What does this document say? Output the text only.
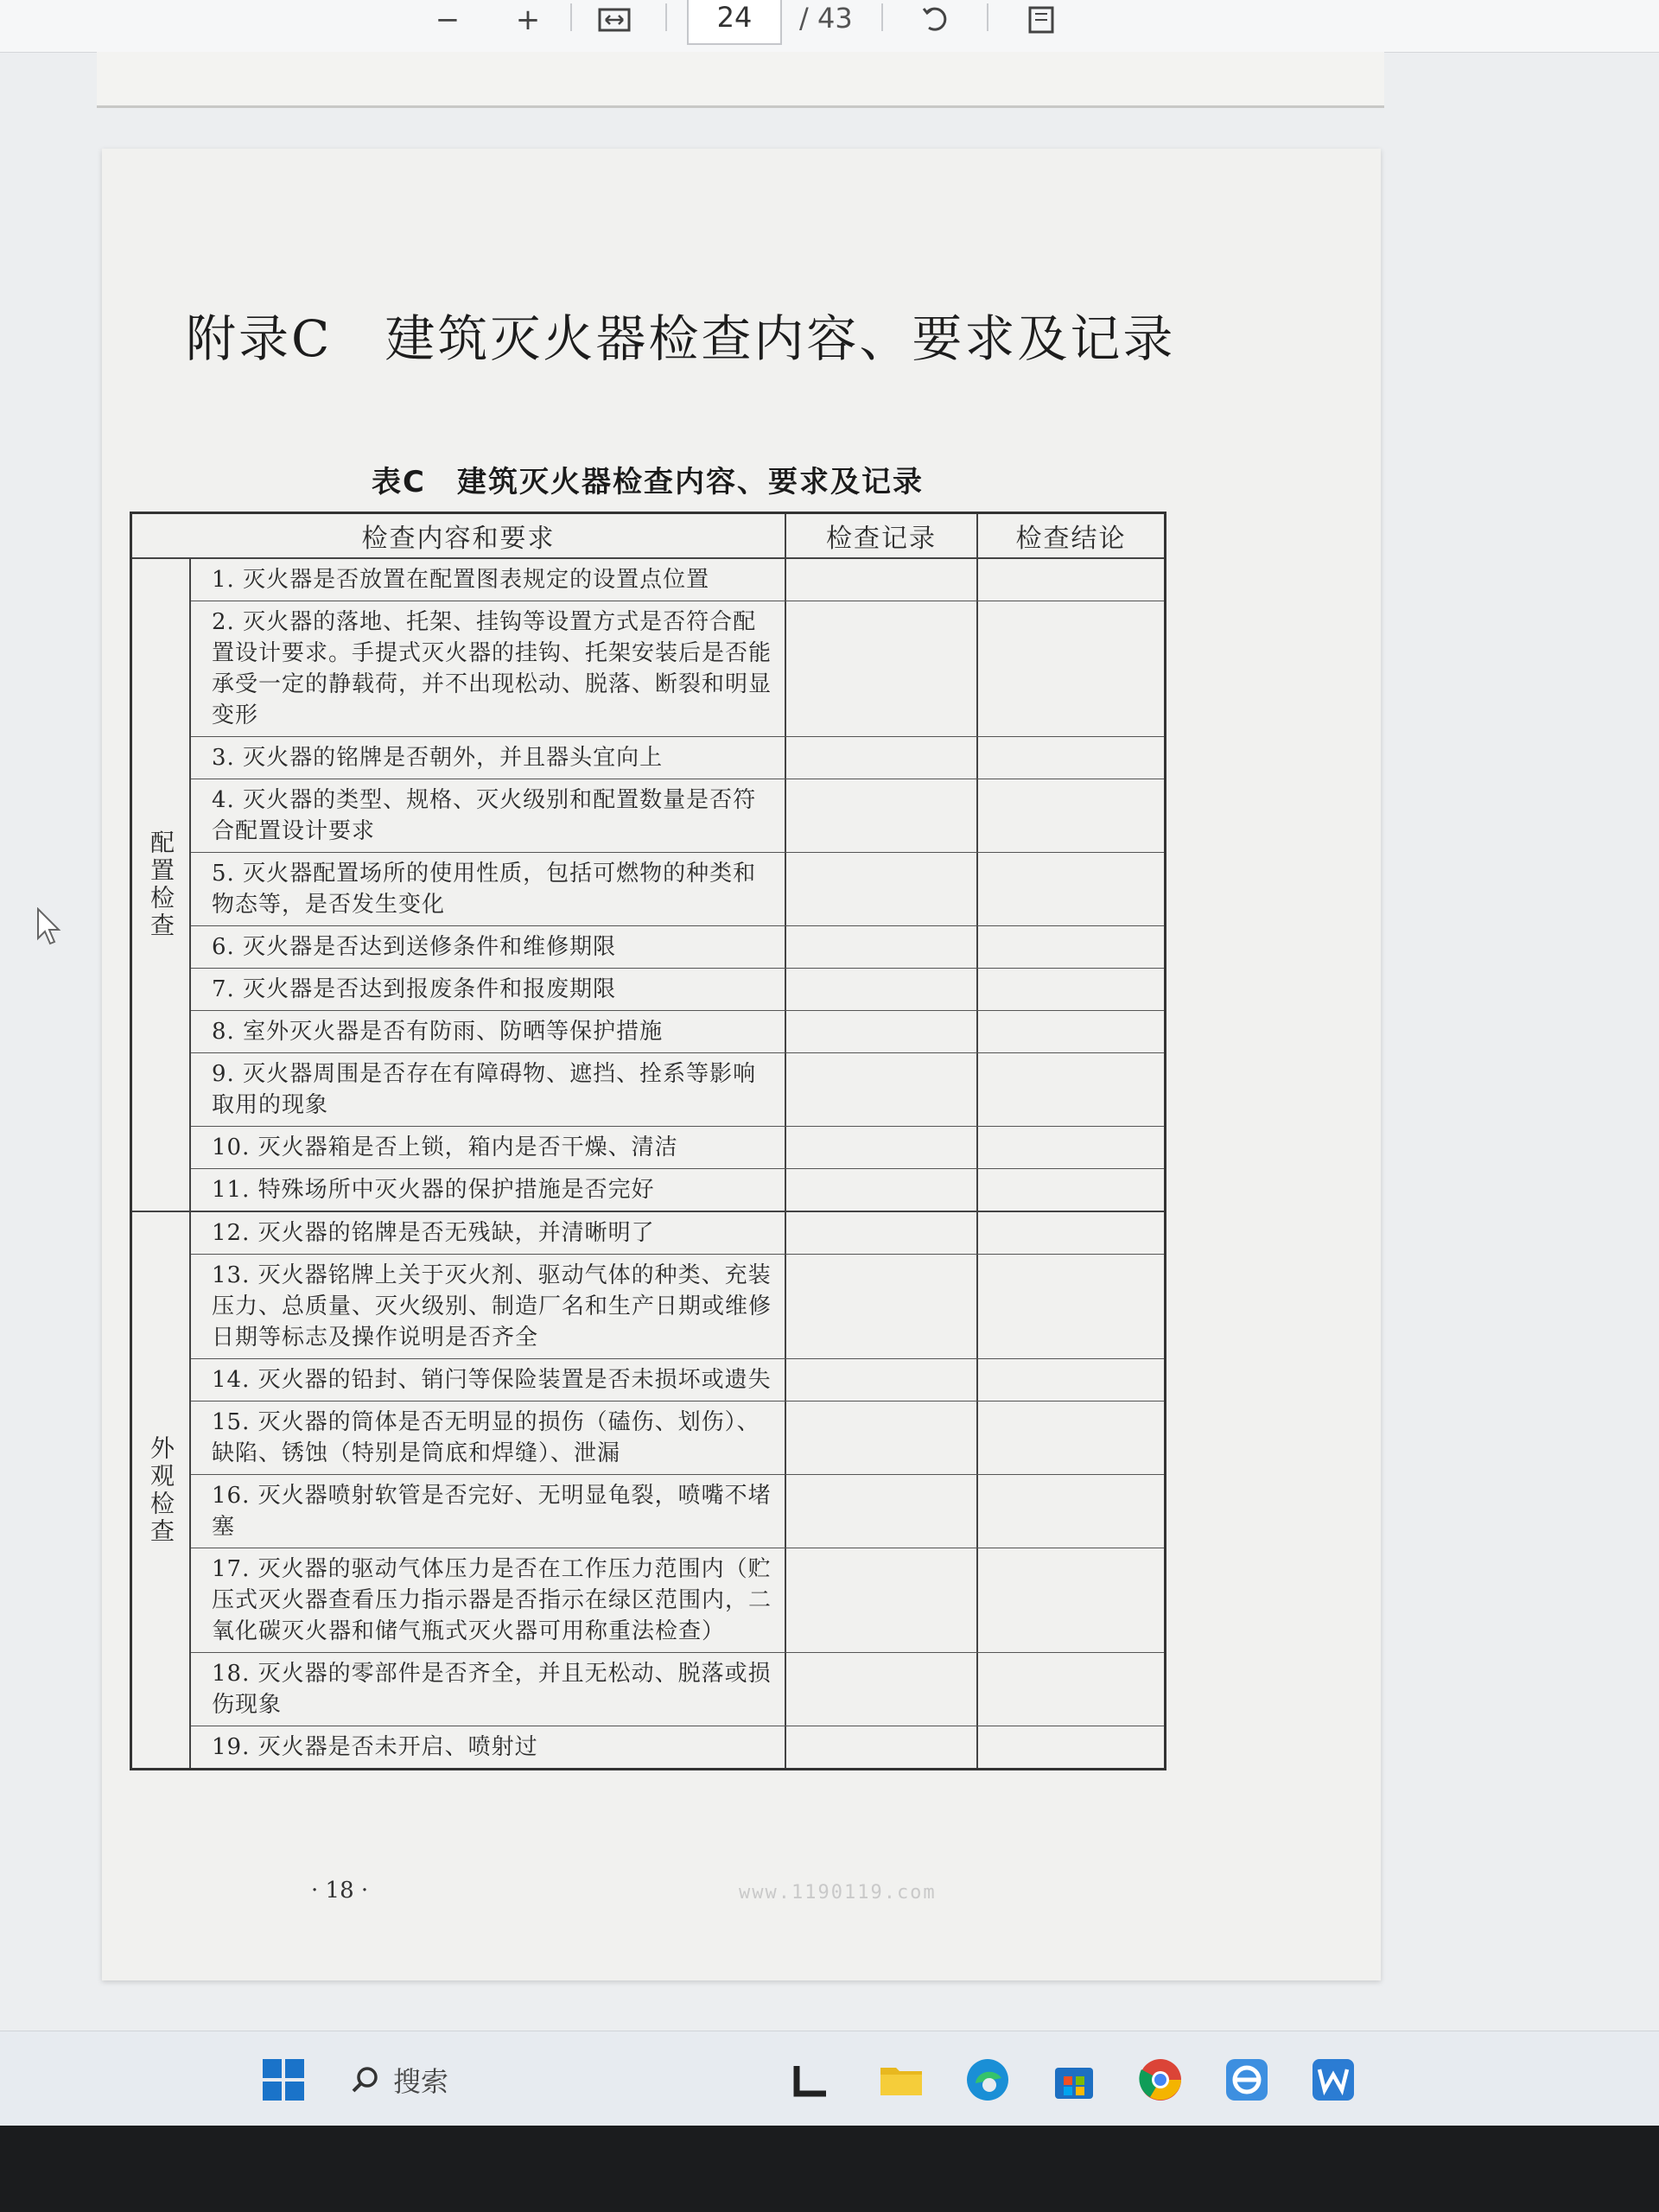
− +	24	/ 43
附录C　建筑灭火器检查内容、要求及记录
表C　建筑灭火器检查内容、要求及记录
检查内容和要求	检查记录	检查结论
配置检查
1. 灭火器是否放置在配置图表规定的设置点位置
2. 灭火器的落地、托架、挂钩等设置方式是否符合配置设计要求。手提式灭火器的挂钩、托架安装后是否能承受一定的静载荷，并不出现松动、脱落、断裂和明显变形
3. 灭火器的铭牌是否朝外，并且器头宜向上
4. 灭火器的类型、规格、灭火级别和配置数量是否符合配置设计要求
5. 灭火器配置场所的使用性质，包括可燃物的种类和物态等，是否发生变化
6. 灭火器是否达到送修条件和维修期限
7. 灭火器是否达到报废条件和报废期限
8. 室外灭火器是否有防雨、防晒等保护措施
9. 灭火器周围是否存在有障碍物、遮挡、拴系等影响取用的现象
10. 灭火器箱是否上锁，箱内是否干燥、清洁
11. 特殊场所中灭火器的保护措施是否完好
外观检查
12. 灭火器的铭牌是否无残缺，并清晰明了
13. 灭火器铭牌上关于灭火剂、驱动气体的种类、充装压力、总质量、灭火级别、制造厂名和生产日期或维修日期等标志及操作说明是否齐全
14. 灭火器的铅封、销闩等保险装置是否未损坏或遗失
15. 灭火器的筒体是否无明显的损伤（磕伤、划伤）、缺陷、锈蚀（特别是筒底和焊缝）、泄漏
16. 灭火器喷射软管是否完好、无明显龟裂，喷嘴不堵塞
17. 灭火器的驱动气体压力是否在工作压力范围内（贮压式灭火器查看压力指示器是否指示在绿区范围内，二氧化碳灭火器和储气瓶式灭火器可用称重法检查）
18. 灭火器的零部件是否齐全，并且无松动、脱落或损伤现象
19. 灭火器是否未开启、喷射过
· 18 ·	www.1190119.com
搜索
